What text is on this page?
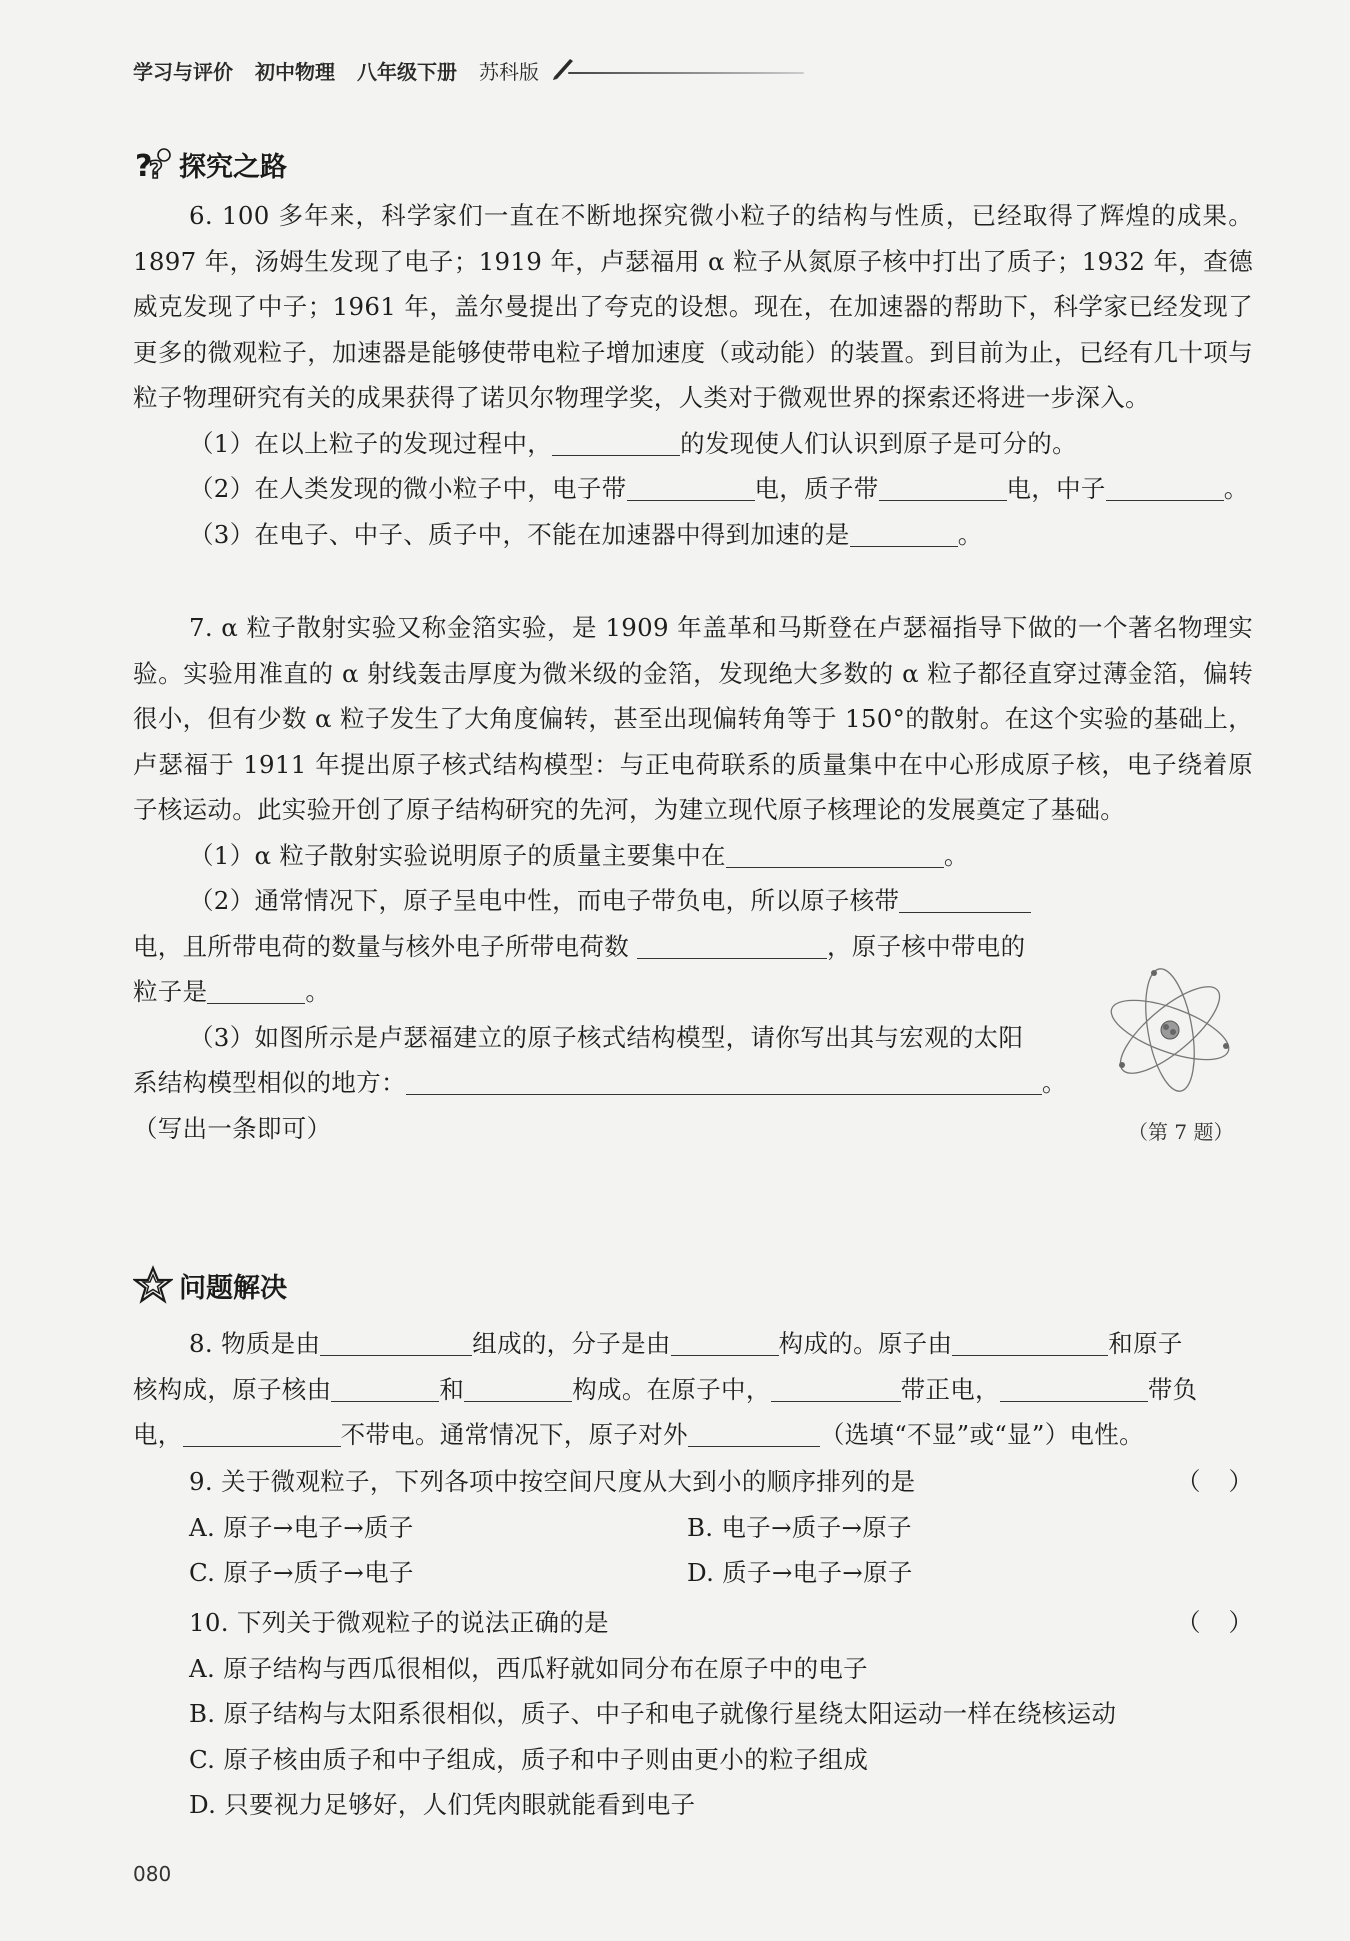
学习与评价 初中物理 八年级下册 苏科版
?
? 探究之路
6. 100 多年来，科学家们一直在不断地探究微小粒子的结构与性质，已经取得了辉煌的成果。1897 年，汤姆生发现了电子；1919 年，卢瑟福用 α 粒子从氮原子核中打出了质子；1932 年，查德威克发现了中子；1961 年，盖尔曼提出了夸克的设想。现在，在加速器的帮助下，科学家已经发现了更多的微观粒子，加速器是能够使带电粒子增加速度（或动能）的装置。到目前为止，已经有几十项与粒子物理研究有关的成果获得了诺贝尔物理学奖，人类对于微观世界的探索还将进一步深入。
（1）在以上粒子的发现过程中，	的发现使人们认识到原子是可分的。
（2）在人类发现的微小粒子中，电子带	电，质子带	电，中子	。
（3）在电子、中子、质子中，不能在加速器中得到加速的是	。
7. α 粒子散射实验又称金箔实验，是 1909 年盖革和马斯登在卢瑟福指导下做的一个著名物理实验。实验用准直的 α 射线轰击厚度为微米级的金箔，发现绝大多数的 α 粒子都径直穿过薄金箔，偏转很小，但有少数 α 粒子发生了大角度偏转，甚至出现偏转角等于 150°的散射。在这个实验的基础上，卢瑟福于 1911 年提出原子核式结构模型：与正电荷联系的质量集中在中心形成原子核，电子绕着原子核运动。此实验开创了原子结构研究的先河，为建立现代原子核理论的发展奠定了基础。
（1）α 粒子散射实验说明原子的质量主要集中在	。
（2）通常情况下，原子呈电中性，而电子带负电，所以原子核带
电，且所带电荷的数量与核外电子所带电荷数	，原子核中带电的
粒子是	。
（3）如图所示是卢瑟福建立的原子核式结构模型，请你写出其与宏观的太阳
系结构模型相似的地方：	。
（写出一条即可）	（第 7 题）
问题解决
8. 物质是由	组成的，分子是由	构成的。原子由	和原子
核构成，原子核由	和	构成。在原子中，	带正电，	带负
电，	不带电。通常情况下，原子对外	（选填“不显”或“显”）电性。
9. 关于微观粒子，下列各项中按空间尺度从大到小的顺序排列的是	（）
A. 原子→电子→质子	B. 电子→质子→原子
C. 原子→质子→电子	D. 质子→电子→原子
10. 下列关于微观粒子的说法正确的是	（）
A. 原子结构与西瓜很相似，西瓜籽就如同分布在原子中的电子
B. 原子结构与太阳系很相似，质子、中子和电子就像行星绕太阳运动一样在绕核运动
C. 原子核由质子和中子组成，质子和中子则由更小的粒子组成
D. 只要视力足够好，人们凭肉眼就能看到电子
080
